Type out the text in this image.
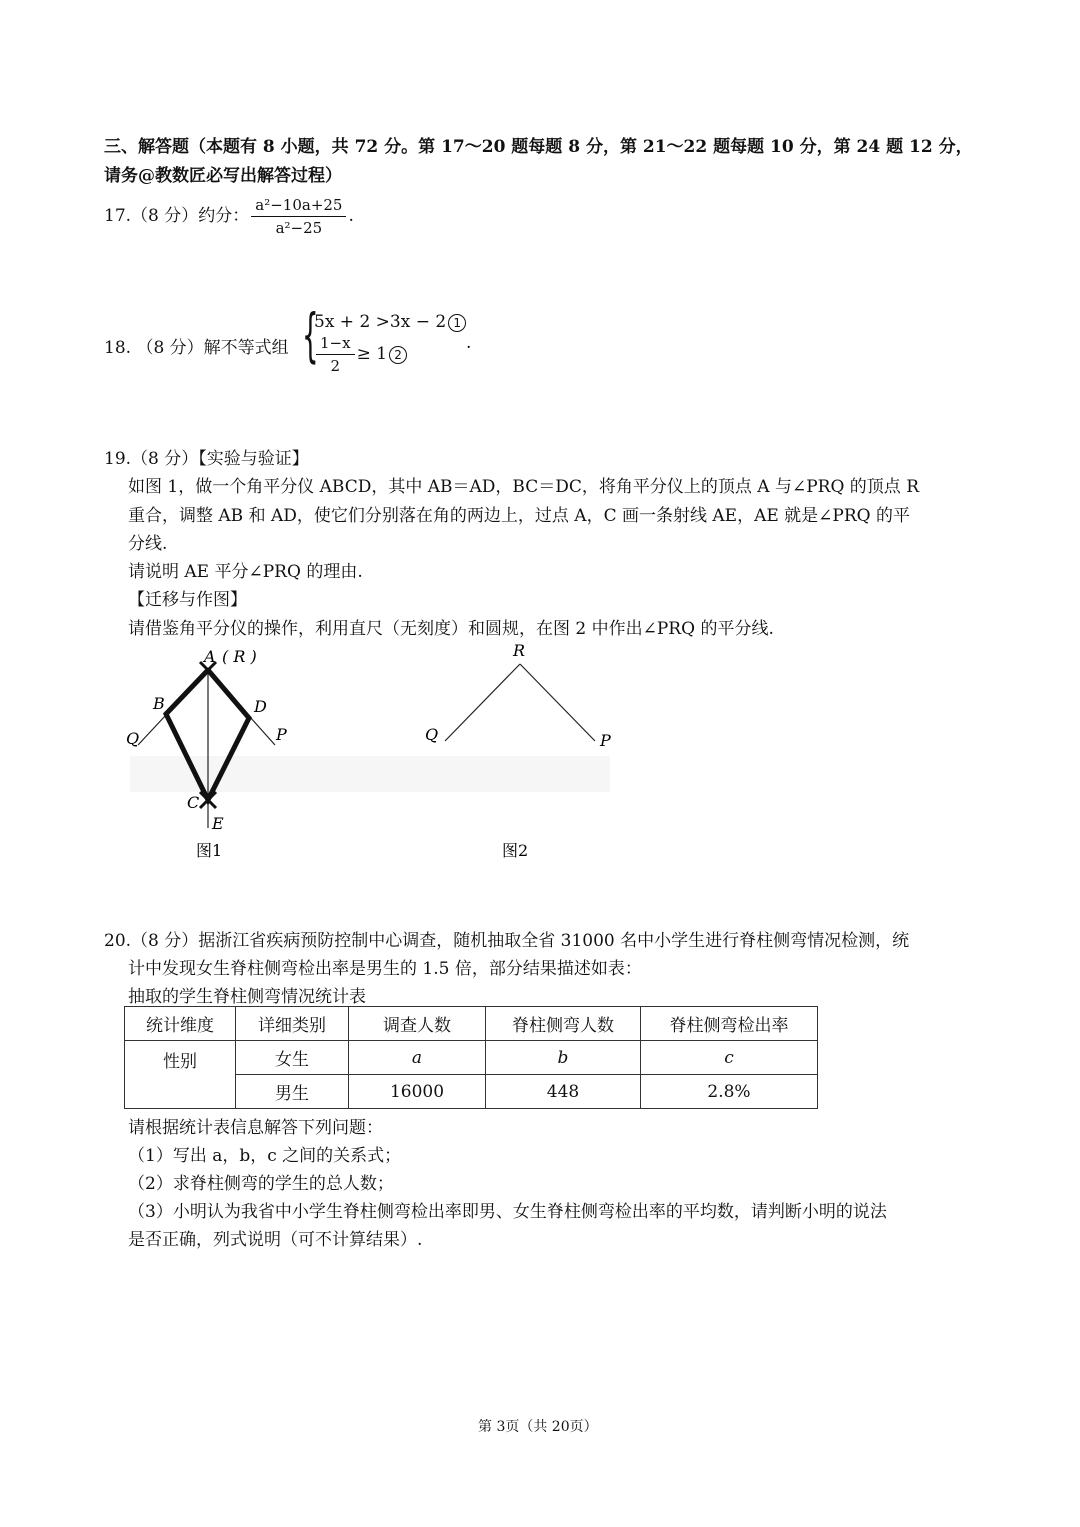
三、解答题（本题有 8 小题，共 72 分。第 17～20 题每题 8 分，第 21～22 题每题 10 分，第 24 题 12 分，
请务@教数匠必写出解答过程）
17.（8 分）约分： $\frac{\text{a²−10a+25}}{\text{a²−25}}$ .
18. （8 分）解不等式组 {
5x + 2 >3x − 2 1
$\frac{1-x}{2} \ge 1$ 2
.
19.（8 分）【实验与验证】
如图 1，做一个角平分仪 ABCD，其中 AB＝AD，BC＝DC，将角平分仪上的顶点 A 与∠PRQ 的顶点 R
重合，调整 AB 和 AD，使它们分别落在角的两边上，过点 A，C 画一条射线 AE，AE 就是∠PRQ 的平
分线.
请说明 AE 平分∠PRQ 的理由.
【迁移与作图】
请借鉴角平分仪的操作，利用直尺（无刻度）和圆规，在图 2 中作出∠PRQ 的平分线.
A ( R )
B	D
Q	P
C
E
图1
R
Q	P
图2
20.（8 分）据浙江省疾病预防控制中心调查，随机抽取全省 31000 名中小学生进行脊柱侧弯情况检测，统
计中发现女生脊柱侧弯检出率是男生的 1.5 倍，部分结果描述如表：
抽取的学生脊柱侧弯情况统计表
统计维度	详细类别	调查人数	脊柱侧弯人数	脊柱侧弯检出率
性别	女生	a	b	c
	男生	16000	448	2.8%
请根据统计表信息解答下列问题：
（1）写出 a，b，c 之间的关系式；
（2）求脊柱侧弯的学生的总人数；
（3）小明认为我省中小学生脊柱侧弯检出率即男、女生脊柱侧弯检出率的平均数，请判断小明的说法
是否正确，列式说明（可不计算结果）.
第 3页（共 20页）
